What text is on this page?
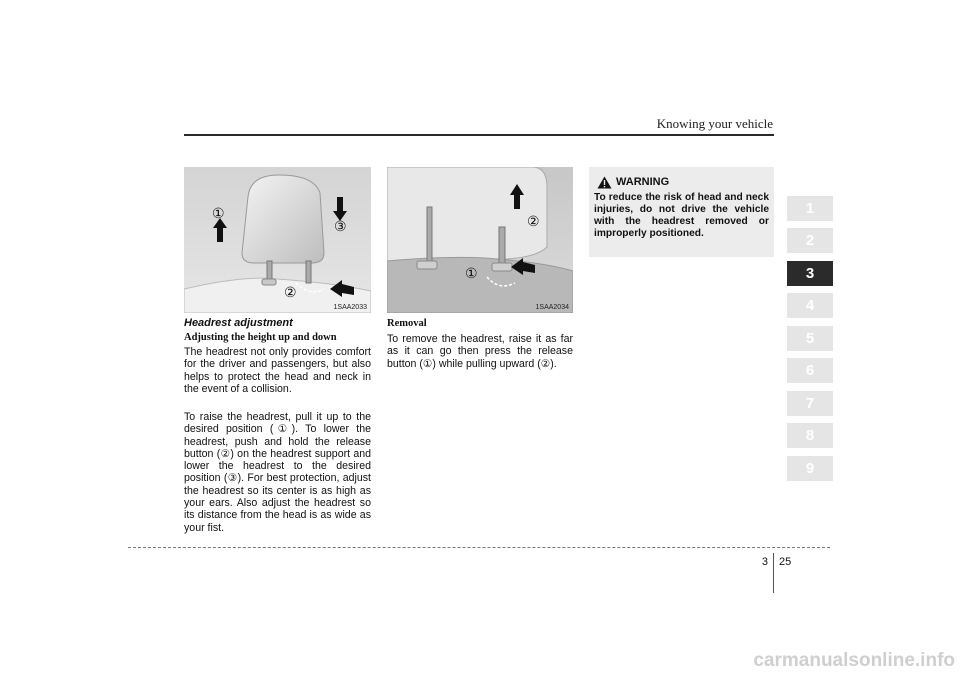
Knowing your vehicle
1
2
3
4
5
6
7
8
9
①
②
③
1SAA2033
①
②
1SAA2034
Headrest adjustment
Adjusting the height up and down
The headrest not only provides comfort for the driver and passengers, but also helps to protect the head and neck in the event of a collision.
To raise the headrest, pull it up to the desired position (①). To lower the headrest, push and hold the release button (②) on the headrest support and lower the headrest to the desired position (③). For best protection, adjust the headrest so its center is as high as your ears. Also adjust the headrest so its distance from the head is as wide as your fist.
Removal
To remove the headrest, raise it as far as it can go then press the release button (①) while pulling upward (②).
WARNING
To reduce the risk of head and neck injuries, do not drive the vehicle with the headrest removed or improperly positioned.
3 25
carmanualsonline.info
